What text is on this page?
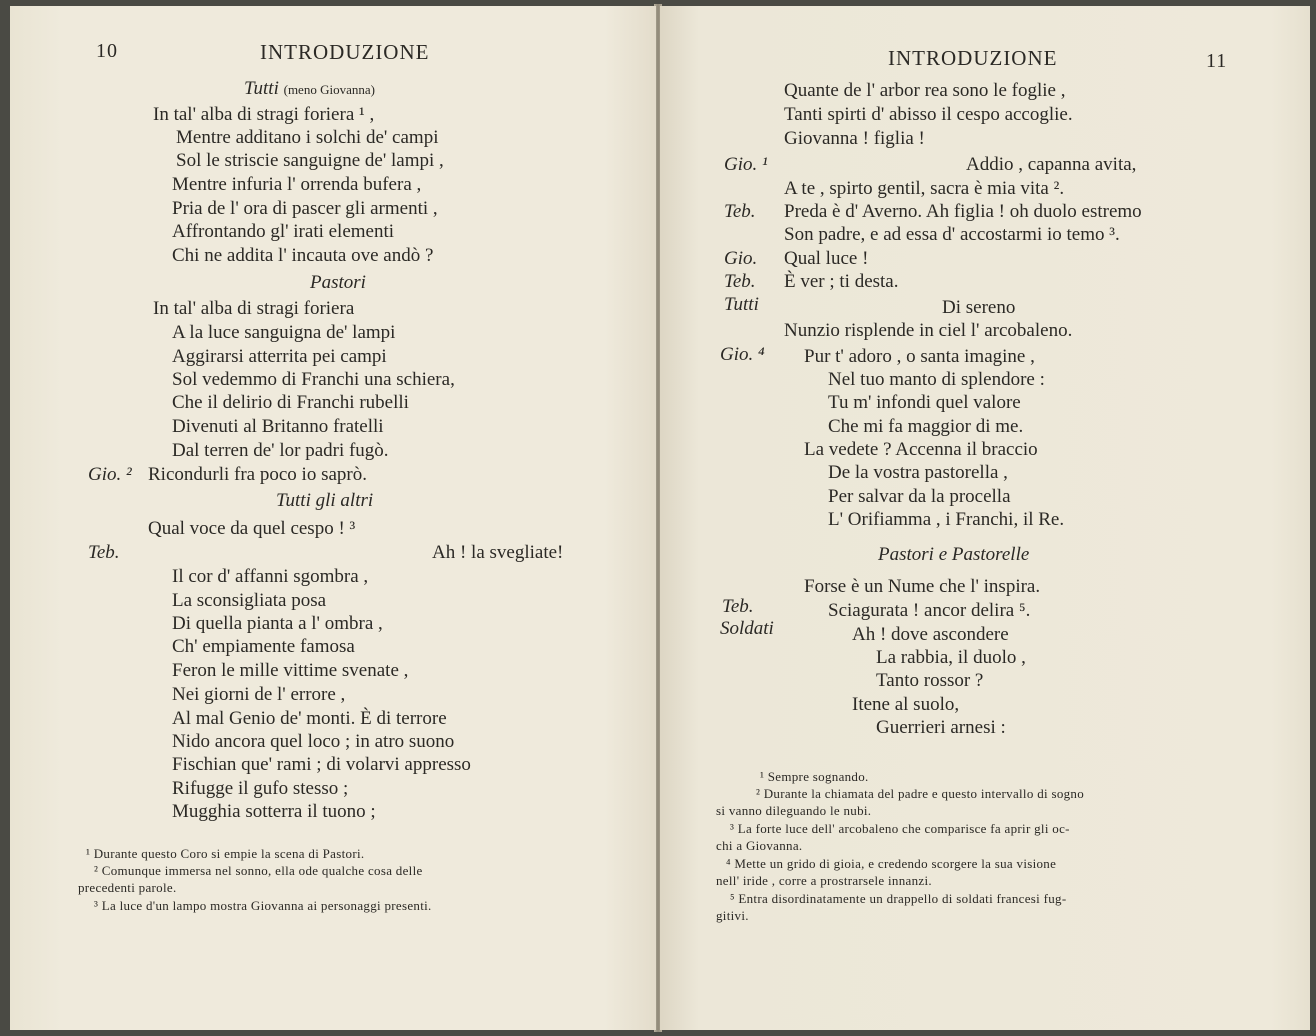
10	INTRODUZIONE
Tutti (meno Giovanna)
In tal' alba di stragi foriera ¹ ,
Mentre additano i solchi de' campi
Sol le striscie sanguigne de' lampi ,
Mentre infuria l' orrenda bufera ,
Pria de l' ora di pascer gli armenti ,
Affrontando gl' irati elementi
Chi ne addita l' incauta ove andò ?
Pastori
In tal' alba di stragi foriera
A la luce sanguigna de' lampi
Aggirarsi atterrita pei campi
Sol vedemmo di Franchi una schiera,
Che il delirio di Franchi rubelli
Divenuti al Britanno fratelli
Dal terren de' lor padri fugò.
Gio. ² Ricondurli fra poco io saprò.
Tutti gli altri
Qual voce da quel cespo ! ³
Teb.	Ah ! la svegliate!
Il cor d' affanni sgombra ,
La sconsigliata posa
Di quella pianta a l' ombra ,
Ch' empiamente famosa
Feron le mille vittime svenate ,
Nei giorni de l' errore ,
Al mal Genio de' monti. È di terrore
Nido ancora quel loco ; in atro suono
Fischian que' rami ; di volarvi appresso
Rifugge il gufo stesso ;
Mugghia sotterra il tuono ;
¹ Durante questo Coro si empie la scena di Pastori.
² Comunque immersa nel sonno, ella ode qualche cosa delle
precedenti parole.
³ La luce d'un lampo mostra Giovanna ai personaggi presenti.
INTRODUZIONE	11
Quante de l' arbor rea sono le foglie ,
Tanti spirti d' abisso il cespo accoglie.
Giovanna ! figlia !
Gio. ¹	Addio , capanna avita,
A te , spirto gentil, sacra è mia vita ².
Teb. Preda è d' Averno. Ah figlia ! oh duolo estremo
Son padre, e ad essa d' accostarmi io temo ³.
Gio. Qual luce !
Teb. È ver ; ti desta.
Tutti	Di sereno
Nunzio risplende in ciel l' arcobaleno.
Gio. ⁴ Pur t' adoro , o santa imagine ,
Nel tuo manto di splendore :
Tu m' infondi quel valore
Che mi fa maggior di me.
La vedete ? Accenna il braccio
De la vostra pastorella ,
Per salvar da la procella
L' Orifiamma , i Franchi, il Re.
Pastori e Pastorelle
Forse è un Nume che l' inspira.
Teb.	Sciagurata ! ancor delira ⁵.
Soldati	Ah ! dove ascondere
La rabbia, il duolo ,
Tanto rossor ?
Itene al suolo,
Guerrieri arnesi :
¹ Sempre sognando.
² Durante la chiamata del padre e questo intervallo di sogno
si vanno dileguando le nubi.
³ La forte luce dell' arcobaleno che comparisce fa aprir gli oc-
chi a Giovanna.
⁴ Mette un grido di gioia, e credendo scorgere la sua visione
nell' iride , corre a prostrarsele innanzi.
⁵ Entra disordinatamente un drappello di soldati francesi fug-
gitivi.
